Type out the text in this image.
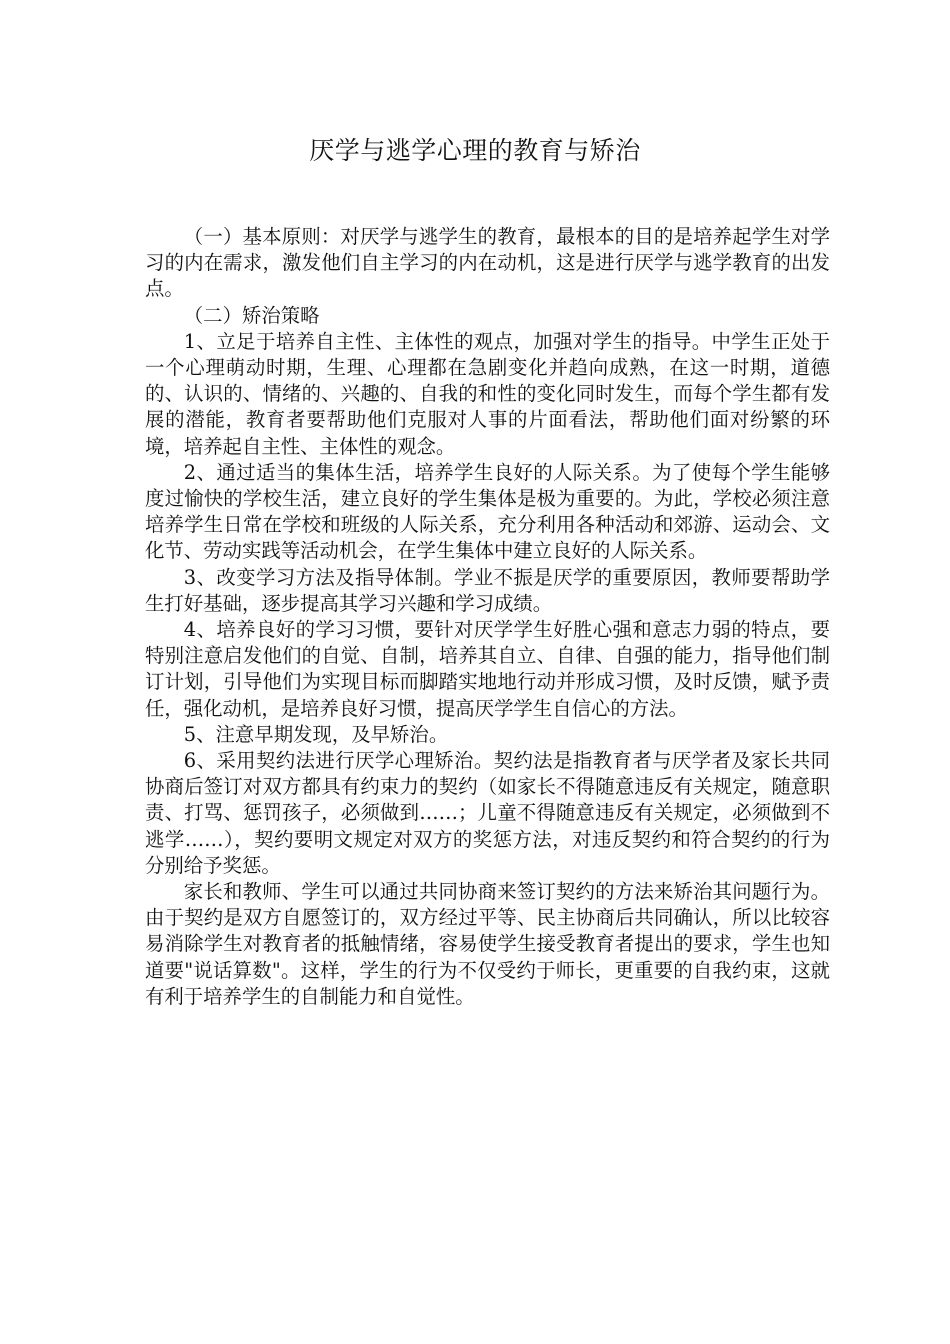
厌学与逃学心理的教育与矫治

（一）基本原则：对厌学与逃学生的教育，最根本的目的是培养起学生对学习的内在需求，激发他们自主学习的内在动机，这是进行厌学与逃学教育的出发点。

（二）矫治策略

1、立足于培养自主性、主体性的观点，加强对学生的指导。中学生正处于一个心理萌动时期，生理、心理都在急剧变化并趋向成熟，在这一时期，道德的、认识的、情绪的、兴趣的、自我的和性的变化同时发生，而每个学生都有发展的潜能，教育者要帮助他们克服对人事的片面看法，帮助他们面对纷繁的环境，培养起自主性、主体性的观念。

2、通过适当的集体生活，培养学生良好的人际关系。为了使每个学生能够度过愉快的学校生活，建立良好的学生集体是极为重要的。为此，学校必须注意培养学生日常在学校和班级的人际关系，充分利用各种活动和郊游、运动会、文化节、劳动实践等活动机会，在学生集体中建立良好的人际关系。

3、改变学习方法及指导体制。学业不振是厌学的重要原因，教师要帮助学生打好基础，逐步提高其学习兴趣和学习成绩。

4、培养良好的学习习惯，要针对厌学学生好胜心强和意志力弱的特点，要特别注意启发他们的自觉、自制，培养其自立、自律、自强的能力，指导他们制订计划，引导他们为实现目标而脚踏实地地行动并形成习惯，及时反馈，赋予责任，强化动机，是培养良好习惯，提高厌学学生自信心的方法。

5、注意早期发现，及早矫治。

6、采用契约法进行厌学心理矫治。契约法是指教育者与厌学者及家长共同协商后签订对双方都具有约束力的契约（如家长不得随意违反有关规定，随意职责、打骂、惩罚孩子，必须做到……；儿童不得随意违反有关规定，必须做到不逃学……），契约要明文规定对双方的奖惩方法，对违反契约和符合契约的行为分别给予奖惩。

家长和教师、学生可以通过共同协商来签订契约的方法来矫治其问题行为。由于契约是双方自愿签订的，双方经过平等、民主协商后共同确认，所以比较容易消除学生对教育者的抵触情绪，容易使学生接受教育者提出的要求，学生也知道要"说话算数"。这样，学生的行为不仅受约于师长，更重要的自我约束，这就有利于培养学生的自制能力和自觉性。
